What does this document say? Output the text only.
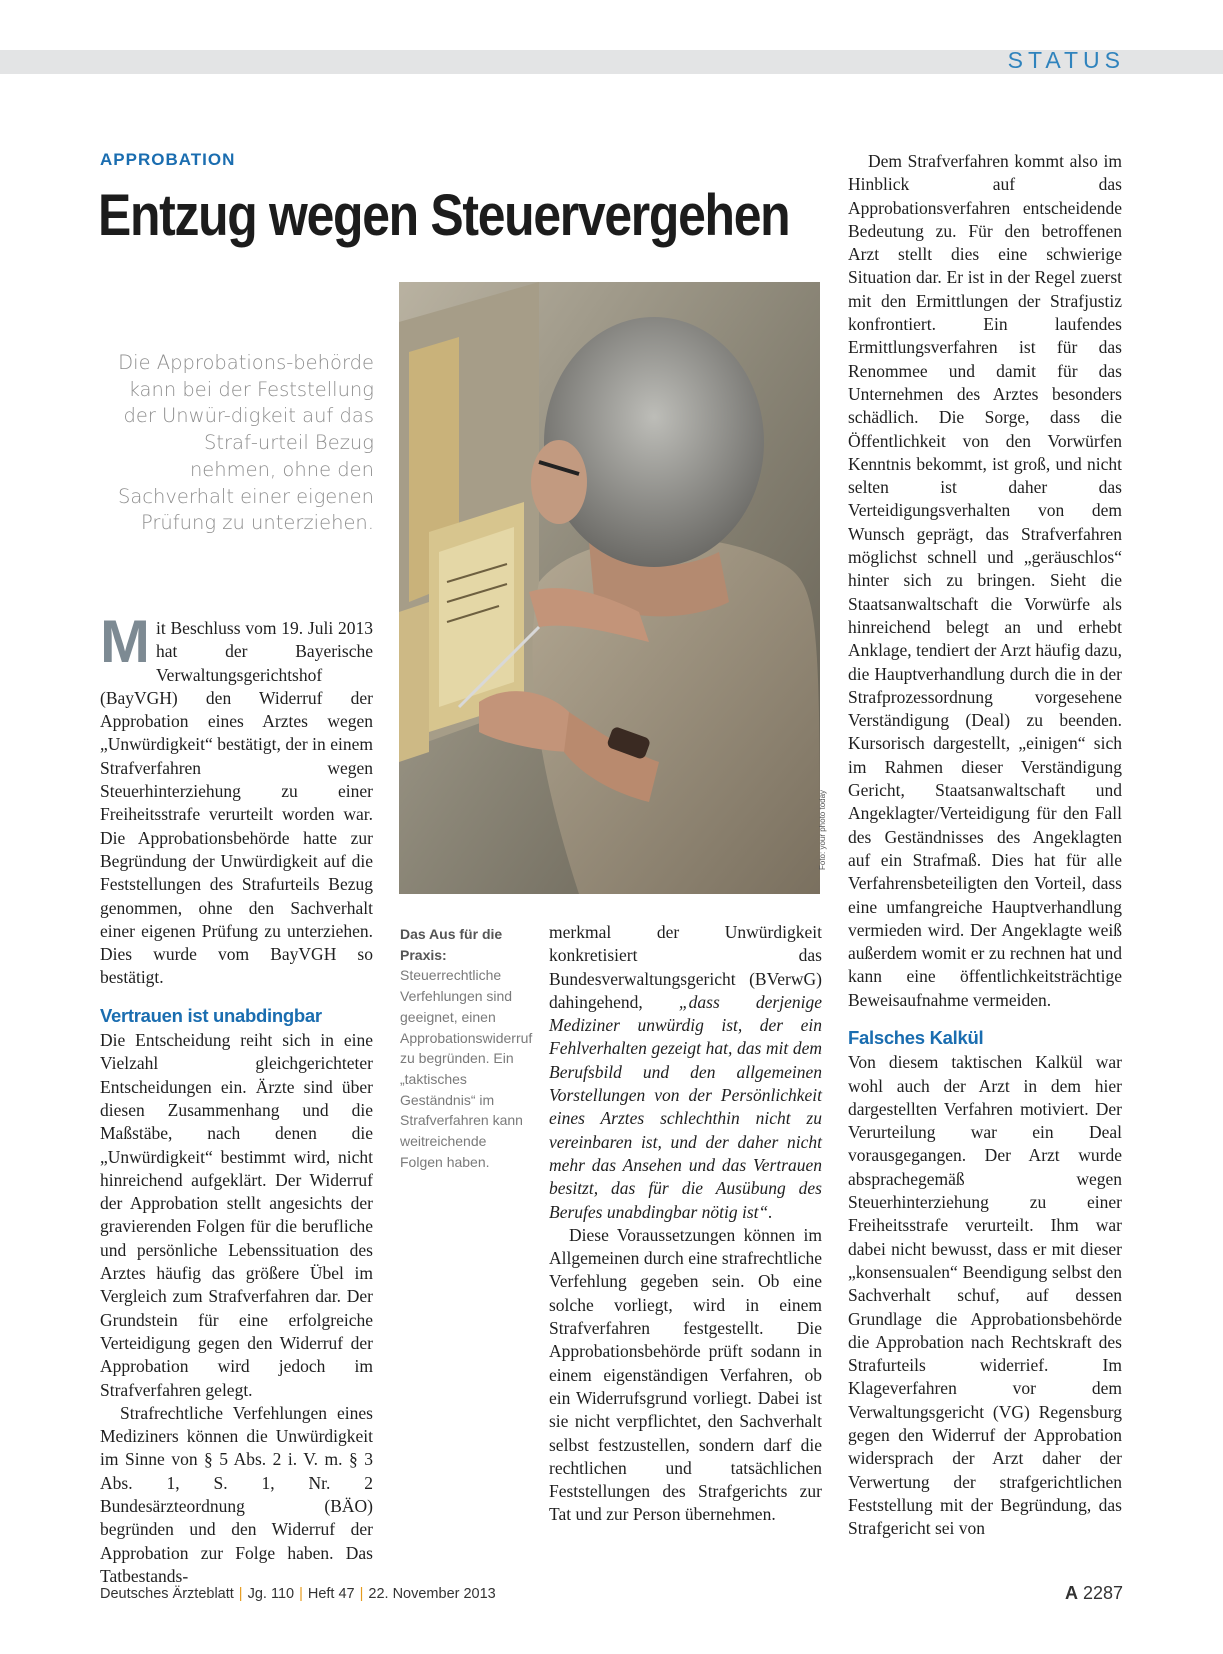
STATUS
APPROBATION
Entzug wegen Steuervergehen
Die Approbations-behörde kann bei der Feststellung der Unwür-digkeit auf das Straf-urteil Bezug nehmen, ohne den Sachverhalt einer eigenen Prüfung zu unterziehen.
Foto: your photo today
Das Aus für die Praxis: Steuerrechtliche Verfehlungen sind geeignet, einen Approbationswiderruf zu begründen. Ein „taktisches Geständnis“ im Strafverfahren kann weitreichende Folgen haben.

Mit Beschluss vom 19. Juli 2013 hat der Bayerische Verwaltungsgerichtshof (BayVGH) den Widerruf der Approbation eines Arztes wegen „Unwürdigkeit“ bestätigt, der in einem Strafverfahren wegen Steuerhinterziehung zu einer Freiheitsstrafe verurteilt worden war. Die Approbationsbehörde hatte zur Begründung der Unwürdigkeit auf die Feststellungen des Strafurteils Bezug genommen, ohne den Sachverhalt einer eigenen Prüfung zu unterziehen. Dies wurde vom BayVGH so bestätigt.

Vertrauen ist unabdingbar

Die Entscheidung reiht sich in eine Vielzahl gleichgerichteter Entscheidungen ein. Ärzte sind über diesen Zusammenhang und die Maßstäbe, nach denen die „Unwürdigkeit“ bestimmt wird, nicht hinreichend aufgeklärt. Der Widerruf der Approbation stellt angesichts der gravierenden Folgen für die berufliche und persönliche Lebenssituation des Arztes häufig das größere Übel im Vergleich zum Strafverfahren dar. Der Grundstein für eine erfolgreiche Verteidigung gegen den Widerruf der Approbation wird jedoch im Strafverfahren gelegt.

Strafrechtliche Verfehlungen eines Mediziners können die Unwürdigkeit im Sinne von § 5 Abs. 2 i. V. m. § 3 Abs. 1, S. 1, Nr. 2 Bundesärzteordnung (BÄO) begründen und den Widerruf der Approbation zur Folge haben. Das Tatbestands-

merkmal der Unwürdigkeit konkretisiert das Bundesverwaltungsgericht (BVerwG) dahingehend, „dass derjenige Mediziner unwürdig ist, der ein Fehlverhalten gezeigt hat, das mit dem Berufsbild und den allgemeinen Vorstellungen von der Persönlichkeit eines Arztes schlechthin nicht zu vereinbaren ist, und der daher nicht mehr das Ansehen und das Vertrauen besitzt, das für die Ausübung des Berufes unabdingbar nötig ist“.

Diese Voraussetzungen können im Allgemeinen durch eine strafrechtliche Verfehlung gegeben sein. Ob eine solche vorliegt, wird in einem Strafverfahren festgestellt. Die Approbationsbehörde prüft sodann in einem eigenständigen Verfahren, ob ein Widerrufsgrund vorliegt. Dabei ist sie nicht verpflichtet, den Sachverhalt selbst festzustellen, sondern darf die rechtlichen und tatsächlichen Feststellungen des Strafgerichts zur Tat und zur Person übernehmen.

Dem Strafverfahren kommt also im Hinblick auf das Approbationsverfahren entscheidende Bedeutung zu. Für den betroffenen Arzt stellt dies eine schwierige Situation dar. Er ist in der Regel zuerst mit den Ermittlungen der Strafjustiz konfrontiert. Ein laufendes Ermittlungsverfahren ist für das Renommee und damit für das Unternehmen des Arztes besonders schädlich. Die Sorge, dass die Öffentlichkeit von den Vorwürfen Kenntnis bekommt, ist groß, und nicht selten ist daher das Verteidigungsverhalten von dem Wunsch geprägt, das Strafverfahren möglichst schnell und „geräuschlos“ hinter sich zu bringen. Sieht die Staatsanwaltschaft die Vorwürfe als hinreichend belegt an und erhebt Anklage, tendiert der Arzt häufig dazu, die Hauptverhandlung durch die in der Strafprozessordnung vorgesehene Verständigung (Deal) zu beenden. Kursorisch dargestellt, „einigen“ sich im Rahmen dieser Verständigung Gericht, Staatsanwaltschaft und Angeklagter/Verteidigung für den Fall des Geständnisses des Angeklagten auf ein Strafmaß. Dies hat für alle Verfahrensbeteiligten den Vorteil, dass eine umfangreiche Hauptverhandlung vermieden wird. Der Angeklagte weiß außerdem womit er zu rechnen hat und kann eine öffentlichkeitsträchtige Beweisaufnahme vermeiden.

Falsches Kalkül

Von diesem taktischen Kalkül war wohl auch der Arzt in dem hier dargestellten Verfahren motiviert. Der Verurteilung war ein Deal vorausgegangen. Der Arzt wurde absprachegemäß wegen Steuerhinterziehung zu einer Freiheitsstrafe verurteilt. Ihm war dabei nicht bewusst, dass er mit dieser „konsensualen“ Beendigung selbst den Sachverhalt schuf, auf dessen Grundlage die Approbationsbehörde die Approbation nach Rechtskraft des Strafurteils widerrief. Im Klageverfahren vor dem Verwaltungsgericht (VG) Regensburg gegen den Widerruf der Approbation widersprach der Arzt daher der Verwertung der strafgerichtlichen Feststellung mit der Begründung, das Strafgericht sei von

Deutsches Ärzteblatt | Jg. 110 | Heft 47 | 22. November 2013	A 2287
